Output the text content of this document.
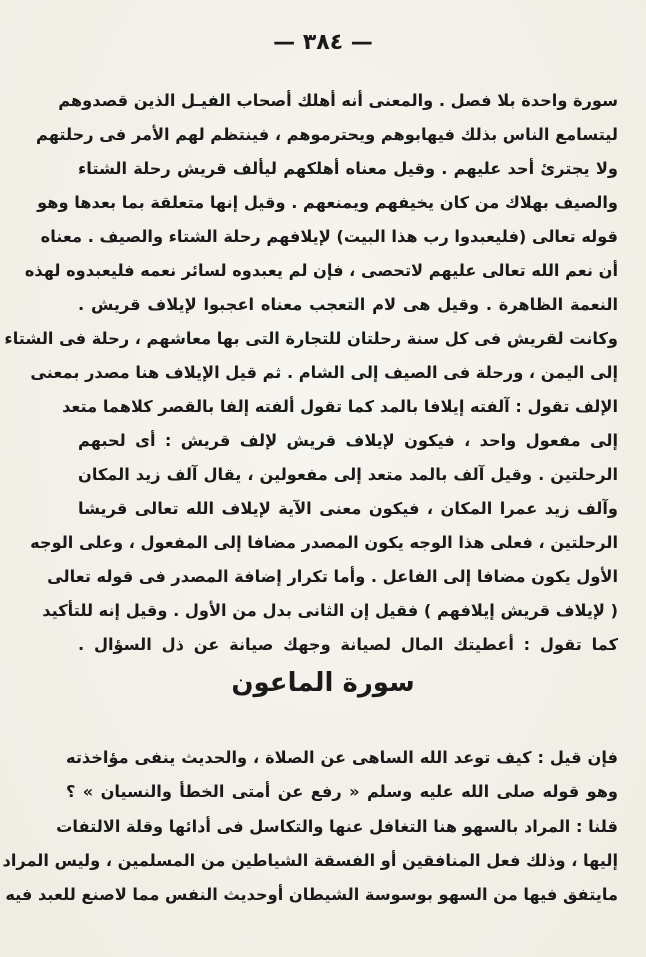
— ٣٨٤ —
سورة واحدة بلا فصل . والمعنى أنه أهلك أصحاب الفيـل الذين قصدوهم
ليتسامع الناس بذلك فيهابوهم ويحترموهم ، فينتظم لهم الأمر فى رحلتهم
ولا يجترئ أحد عليهم . وقيل معناه أهلكهم ليألف قريش رحلة الشتاء
والصيف بهلاك من كان يخيفهم ويمنعهم . وقيل إنها متعلقة بما بعدها وهو
قوله تعالى (فليعبدوا رب هذا البيت) لإيلافهم رحلة الشتاء والصيف . معناه
أن نعم الله تعالى عليهم لاتحصى ، فإن لم يعبدوه لسائر نعمه فليعبدوه لهذه
النعمة الظاهرة . وقيل هى لام التعجب معناه اعجبوا لإيلاف قريش .
وكانت لقريش فى كل سنة رحلتان للتجارة التى بها معاشهم ، رحلة فى الشتاء
إلى اليمن ، ورحلة فى الصيف إلى الشام . ثم قيل الإيلاف هنا مصدر بمعنى
الإلف تقول : آلفته إيلافا بالمد كما تقول ألفته إلفا بالقصر كلاهما متعد
إلى مفعول واحد ، فيكون لإيلاف قريش لإلف قريش : أى لحبهم
الرحلتين . وقيل آلف بالمد متعد إلى مفعولين ، يقال آلف زيد المكان
وآلف زيد عمرا المكان ، فيكون معنى الآية لإيلاف الله تعالى قريشا
الرحلتين ، فعلى هذا الوجه يكون المصدر مضافا إلى المفعول ، وعلى الوجه
الأول يكون مضافا إلى الفاعل . وأما تكرار إضافة المصدر فى قوله تعالى
( لإيلاف قريش إيلافهم ) فقيل إن الثانى بدل من الأول . وقيل إنه للتأكيد
كما تقول : أعطيتك المال لصيانة وجهك صيانة عن ذل السؤال .
سورة الماعون
فإن قيل : كيف توعد الله الساهى عن الصلاة ، والحديث ينفى مؤاخذته
وهو قوله صلى الله عليه وسلم « رفع عن أمتى الخطأ والنسيان » ؟
قلنا : المراد بالسهو هنا التغافل عنها والتكاسل فى أدائها وقلة الالتفات
إليها ، وذلك فعل المنافقين أو الفسقة الشياطين من المسلمين ، وليس المراد
مايتفق فيها من السهو بوسوسة الشيطان أوحديث النفس مما لاصنع للعبد فيه
